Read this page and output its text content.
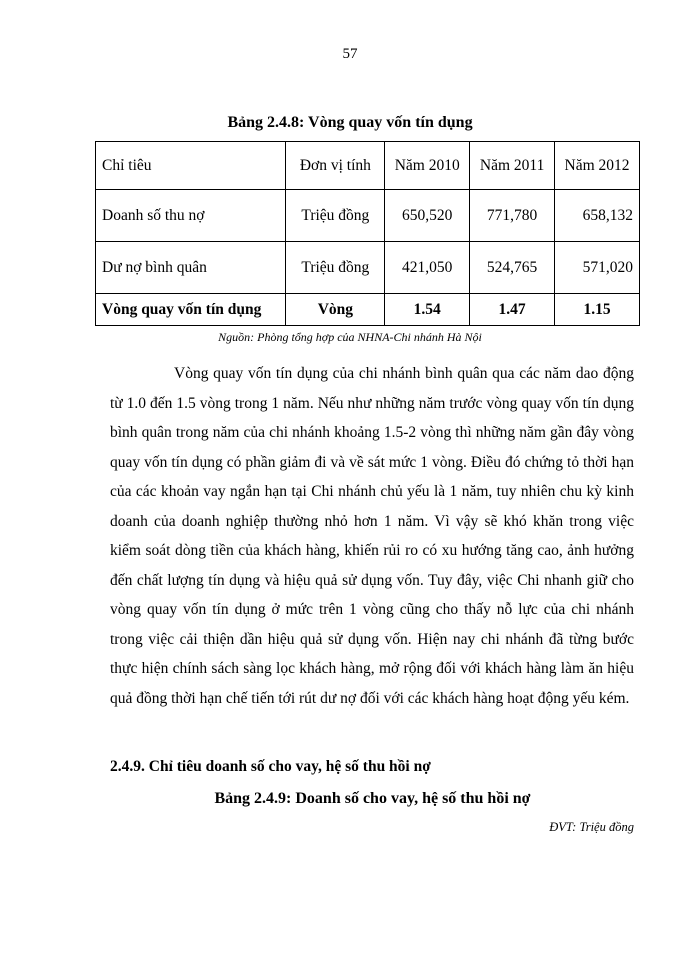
57
Bảng 2.4.8: Vòng quay vốn tín dụng
Chỉ tiêu	Đơn vị tính	Năm 2010	Năm 2011	Năm 2012
Doanh số thu nợ	Triệu đồng	650,520	771,780	658,132
Dư nợ bình quân	Triệu đồng	421,050	524,765	571,020
Vòng quay vốn tín dụng	Vòng	1.54	1.47	1.15
Nguồn: Phòng tổng hợp của NHNA-Chi nhánh Hà Nội

Vòng quay vốn tín dụng của chi nhánh bình quân qua các năm dao động từ 1.0 đến 1.5 vòng trong 1 năm. Nếu như những năm trước vòng quay vốn tín dụng bình quân trong năm của chi nhánh khoảng 1.5-2 vòng thì những năm gần đây vòng quay vốn tín dụng có phần giảm đi và về sát mức 1 vòng. Điều đó chứng tỏ thời hạn của các khoản vay ngắn hạn tại Chi nhánh chủ yếu là 1 năm, tuy nhiên chu kỳ kinh doanh của doanh nghiệp thường nhỏ hơn 1 năm. Vì vậy sẽ khó khăn trong việc kiểm soát dòng tiền của khách hàng, khiến rủi ro có xu hướng tăng cao, ảnh hưởng đến chất lượng tín dụng và hiệu quả sử dụng vốn. Tuy đây, việc Chi nhanh giữ cho vòng quay vốn tín dụng ở mức trên 1 vòng cũng cho thấy nỗ lực của chi nhánh trong việc cải thiện dần hiệu quả sử dụng vốn. Hiện nay chi nhánh đã từng bước thực hiện chính sách sàng lọc khách hàng, mở rộng đối với khách hàng làm ăn hiệu quả đồng thời hạn chế tiến tới rút dư nợ đối với các khách hàng hoạt động yếu kém.

2.4.9. Chỉ tiêu doanh số cho vay, hệ số thu hồi nợ
Bảng 2.4.9: Doanh số cho vay, hệ số thu hồi nợ
ĐVT: Triệu đồng
